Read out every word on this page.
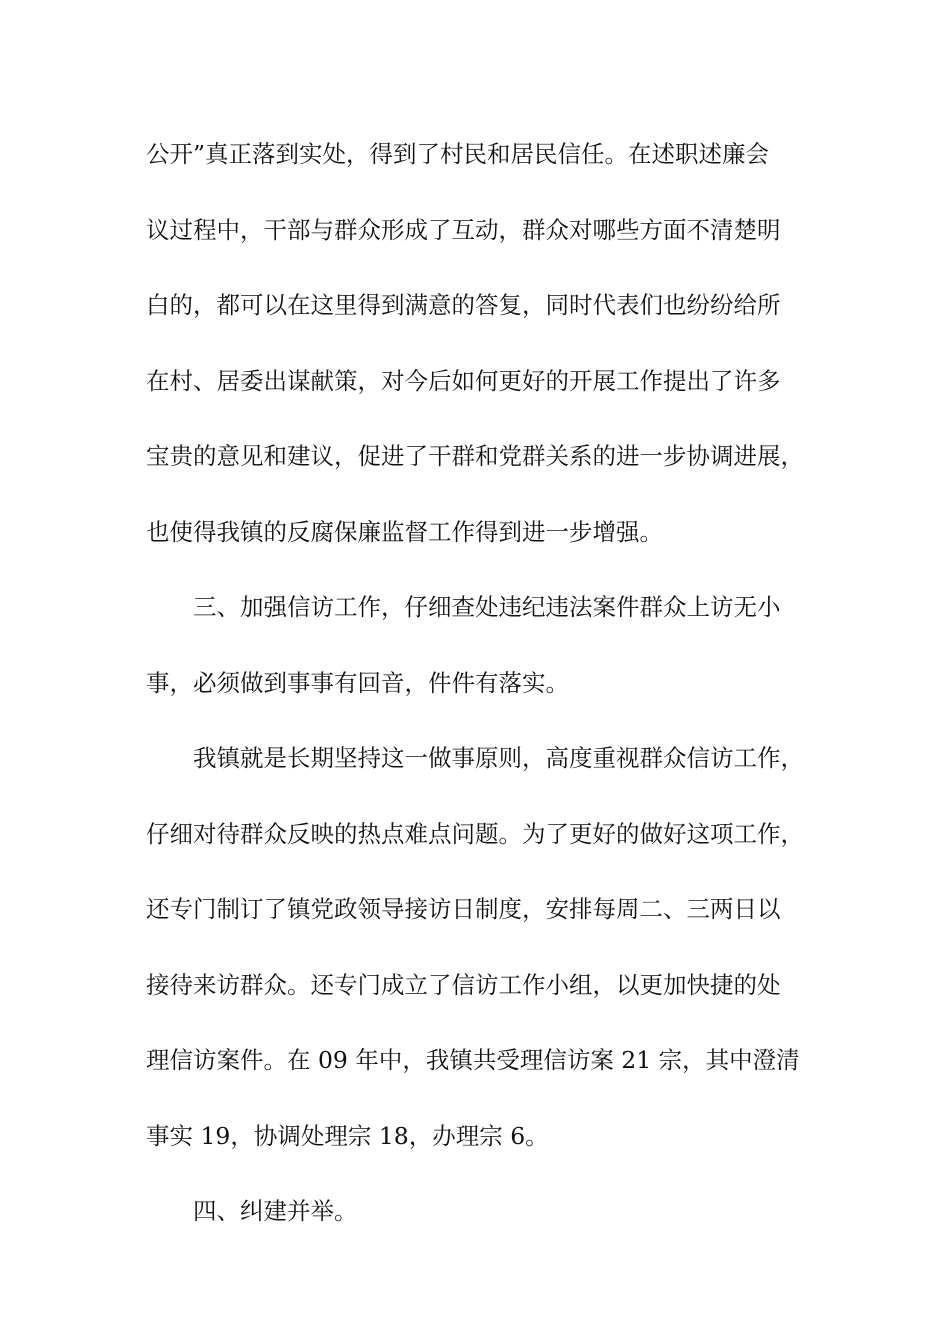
公开”真正落到实处，得到了村民和居民信任。在述职述廉会
议过程中，干部与群众形成了互动，群众对哪些方面不清楚明
白的，都可以在这里得到满意的答复，同时代表们也纷纷给所
在村、居委出谋献策，对今后如何更好的开展工作提出了许多
宝贵的意见和建议，促进了干群和党群关系的进一步协调进展，
也使得我镇的反腐保廉监督工作得到进一步增强。
三、加强信访工作，仔细查处违纪违法案件群众上访无小
事，必须做到事事有回音，件件有落实。
我镇就是长期坚持这一做事原则，高度重视群众信访工作，
仔细对待群众反映的热点难点问题。为了更好的做好这项工作，
还专门制订了镇党政领导接访日制度，安排每周二、三两日以
接待来访群众。还专门成立了信访工作小组，以更加快捷的处
理信访案件。在 09 年中，我镇共受理信访案 21 宗，其中澄清
事实 19，协调处理宗 18，办理宗 6。
四、纠建并举。
